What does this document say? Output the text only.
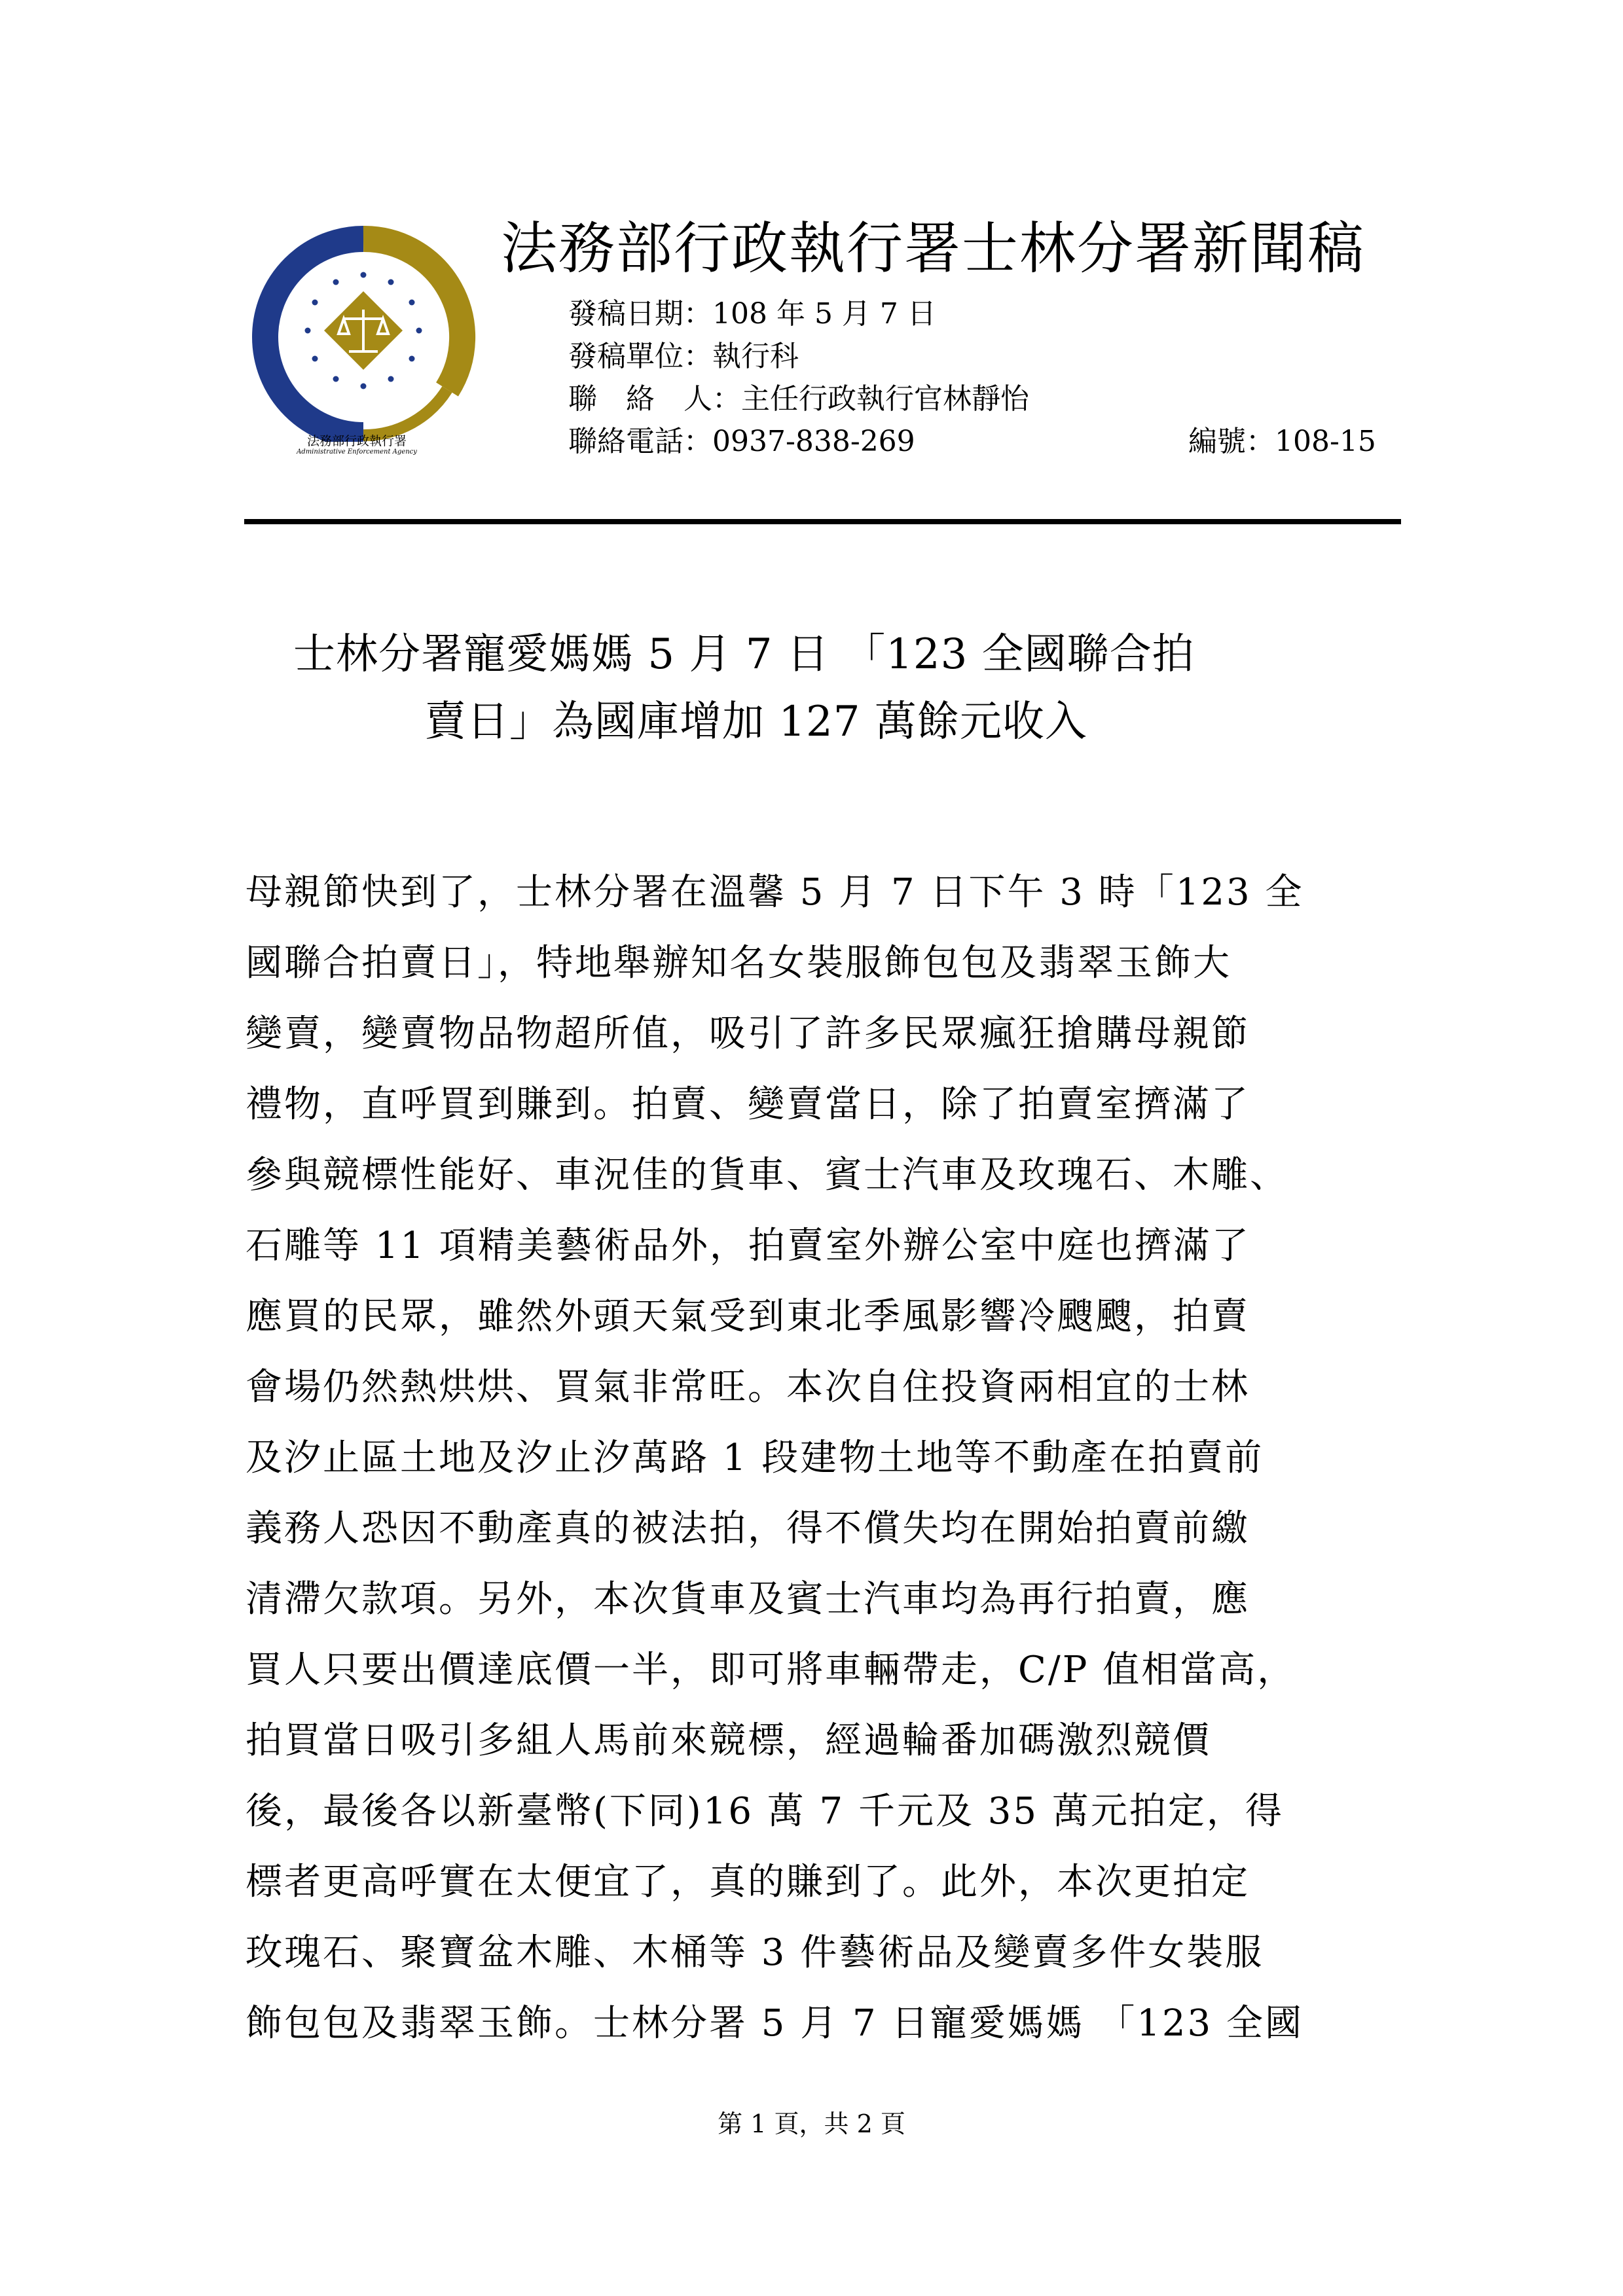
法務部行政執行署
Administrative Enforcement Agency
法務部行政執行署士林分署新聞稿
發稿日期：108 年 5 月 7 日
發稿單位：執行科
聯　絡　人：主任行政執行官林靜怡
聯絡電話：0937-838-269	編號：108-15
士林分署寵愛媽媽 5 月 7 日 「123 全國聯合拍
賣日」為國庫增加 127 萬餘元收入
母親節快到了，士林分署在溫馨 5 月 7 日下午 3 時「123 全
國聯合拍賣日」，特地舉辦知名女裝服飾包包及翡翠玉飾大
變賣，變賣物品物超所值，吸引了許多民眾瘋狂搶購母親節
禮物，直呼買到賺到。拍賣、變賣當日，除了拍賣室擠滿了
參與競標性能好、車況佳的貨車、賓士汽車及玫瑰石、木雕、
石雕等 11 項精美藝術品外，拍賣室外辦公室中庭也擠滿了
應買的民眾，雖然外頭天氣受到東北季風影響冷颼颼，拍賣
會場仍然熱烘烘、買氣非常旺。本次自住投資兩相宜的士林
及汐止區土地及汐止汐萬路 1 段建物土地等不動產在拍賣前
義務人恐因不動產真的被法拍，得不償失均在開始拍賣前繳
清滯欠款項。另外，本次貨車及賓士汽車均為再行拍賣，應
買人只要出價達底價一半，即可將車輛帶走，C/P 值相當高，
拍買當日吸引多組人馬前來競標，經過輪番加碼激烈競價
後，最後各以新臺幣(下同)16 萬 7 千元及 35 萬元拍定，得
標者更高呼實在太便宜了，真的賺到了。此外，本次更拍定
玫瑰石、聚寶盆木雕、木桶等 3 件藝術品及變賣多件女裝服
飾包包及翡翠玉飾。士林分署 5 月 7 日寵愛媽媽 「123 全國
第 1 頁，共 2 頁
